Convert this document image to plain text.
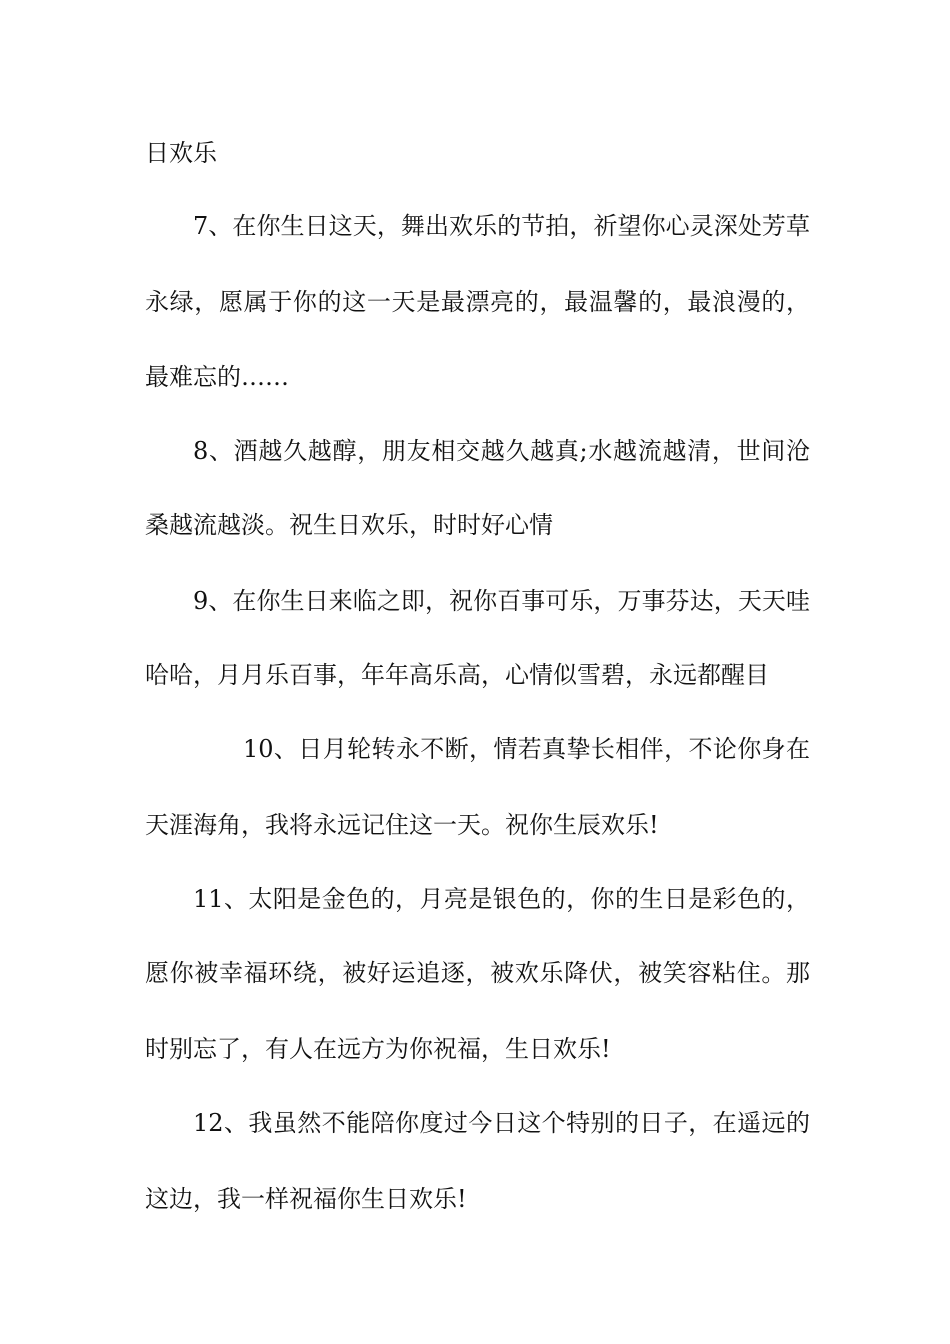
日欢乐
7、在你生日这天，舞出欢乐的节拍，祈望你心灵深处芳草
永绿，愿属于你的这一天是最漂亮的，最温馨的，最浪漫的，
最难忘的……
8、酒越久越醇，朋友相交越久越真;水越流越清，世间沧
桑越流越淡。祝生日欢乐，时时好心情
9、在你生日来临之即，祝你百事可乐，万事芬达，天天哇
哈哈，月月乐百事，年年高乐高，心情似雪碧，永远都醒目
10、日月轮转永不断，情若真挚长相伴，不论你身在
天涯海角，我将永远记住这一天。祝你生辰欢乐!
11、太阳是金色的，月亮是银色的，你的生日是彩色的，
愿你被幸福环绕，被好运追逐，被欢乐降伏，被笑容粘住。那
时别忘了，有人在远方为你祝福，生日欢乐!
12、我虽然不能陪你度过今日这个特别的日子，在遥远的
这边，我一样祝福你生日欢乐!
